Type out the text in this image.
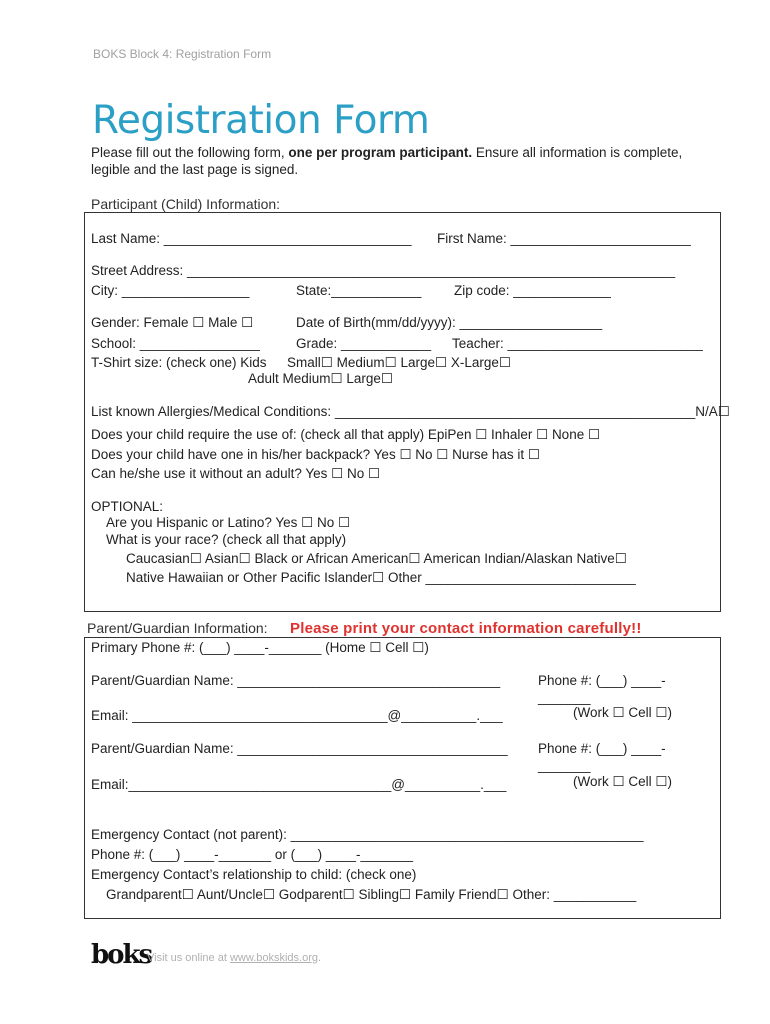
BOKS Block 4: Registration Form
Registration Form
Please fill out the following form, one per program participant. Ensure all information is complete, legible and the last page is signed.
Participant (Child) Information:
Last Name: _________________________________ First Name: ________________________
Street Address: _________________________________________________________________
City: _________________	State:____________ Zip code: _____________
Gender: Female ☐ Male ☐	Date of Birth(mm/dd/yyyy): ___________________
School: ________________	Grade: ____________ Teacher: __________________________
T-Shirt size: (check one) Kids Small☐ Medium☐ Large☐ X-Large☐
Adult Medium☐ Large☐
List known Allergies/Medical Conditions: ________________________________________________N/A☐
Does your child require the use of: (check all that apply) EpiPen ☐ Inhaler ☐ None ☐
Does your child have one in his/her backpack? Yes ☐ No ☐ Nurse has it ☐
Can he/she use it without an adult? Yes ☐ No ☐
OPTIONAL:
Are you Hispanic or Latino? Yes ☐ No ☐
What is your race? (check all that apply)
Caucasian☐ Asian☐ Black or African American☐ American Indian/Alaskan Native☐
Native Hawaiian or Other Pacific Islander☐ Other ____________________________
Parent/Guardian Information: Please print your contact information carefully!!
Primary Phone #: (___) ____-_______ (Home ☐ Cell ☐)
Parent/Guardian Name: ___________________________________	Phone #: (___) ____-
_______
Email: __________________________________@__________.___	(Work ☐ Cell ☐)
Parent/Guardian Name: ____________________________________ Phone #: (___) ____-
_______
Email:___________________________________@__________.___	(Work ☐ Cell ☐)
Emergency Contact (not parent): _______________________________________________
Phone #: (___) ____-_______ or (___) ____-_______
Emergency Contact’s relationship to child: (check one)
Grandparent☐ Aunt/Uncle☐ Godparent☐ Sibling☐ Family Friend☐ Other: ___________
boks
Visit us online at www.bokskids.org.
